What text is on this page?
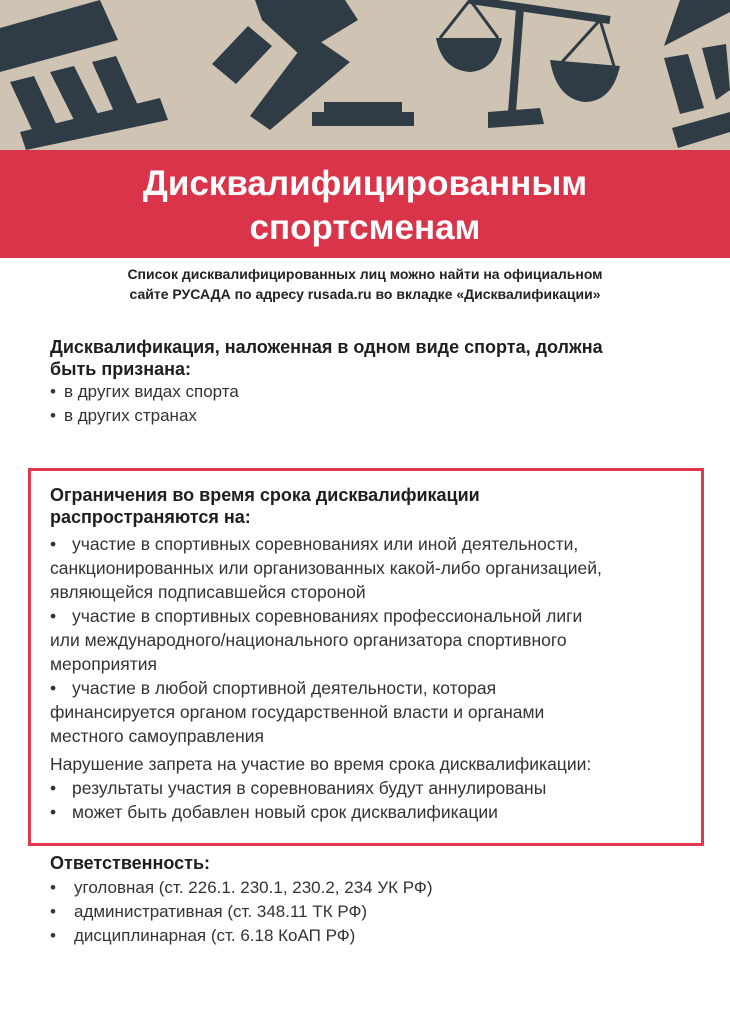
Дисквалифицированным
спортсменам
Список дисквалифицированных лиц можно найти на официальном
сайте РУСАДА по адресу rusada.ru во вкладке «Дисквалификации»
Дисквалификация, наложенная в одном виде спорта, должна
быть признана:
• в других видах спорта
• в других странах
Ограничения во время срока дисквалификации
распространяются на:
• участие в спортивных соревнованиях или иной деятельности,
санкционированных или организованных какой-либо организацией,
являющейся подписавшейся стороной
• участие в спортивных соревнованиях профессиональной лиги
или международного/национального организатора спортивного
мероприятия
• участие в любой спортивной деятельности, которая
финансируется органом государственной власти и органами
местного самоуправления
Нарушение запрета на участие во время срока дисквалификации:
• результаты участия в соревнованиях будут аннулированы
• может быть добавлен новый срок дисквалификации
Ответственность:
• уголовная (ст. 226.1. 230.1, 230.2, 234 УК РФ)
• административная (ст. 348.11 ТК РФ)
• дисциплинарная (ст. 6.18 КоАП РФ)
